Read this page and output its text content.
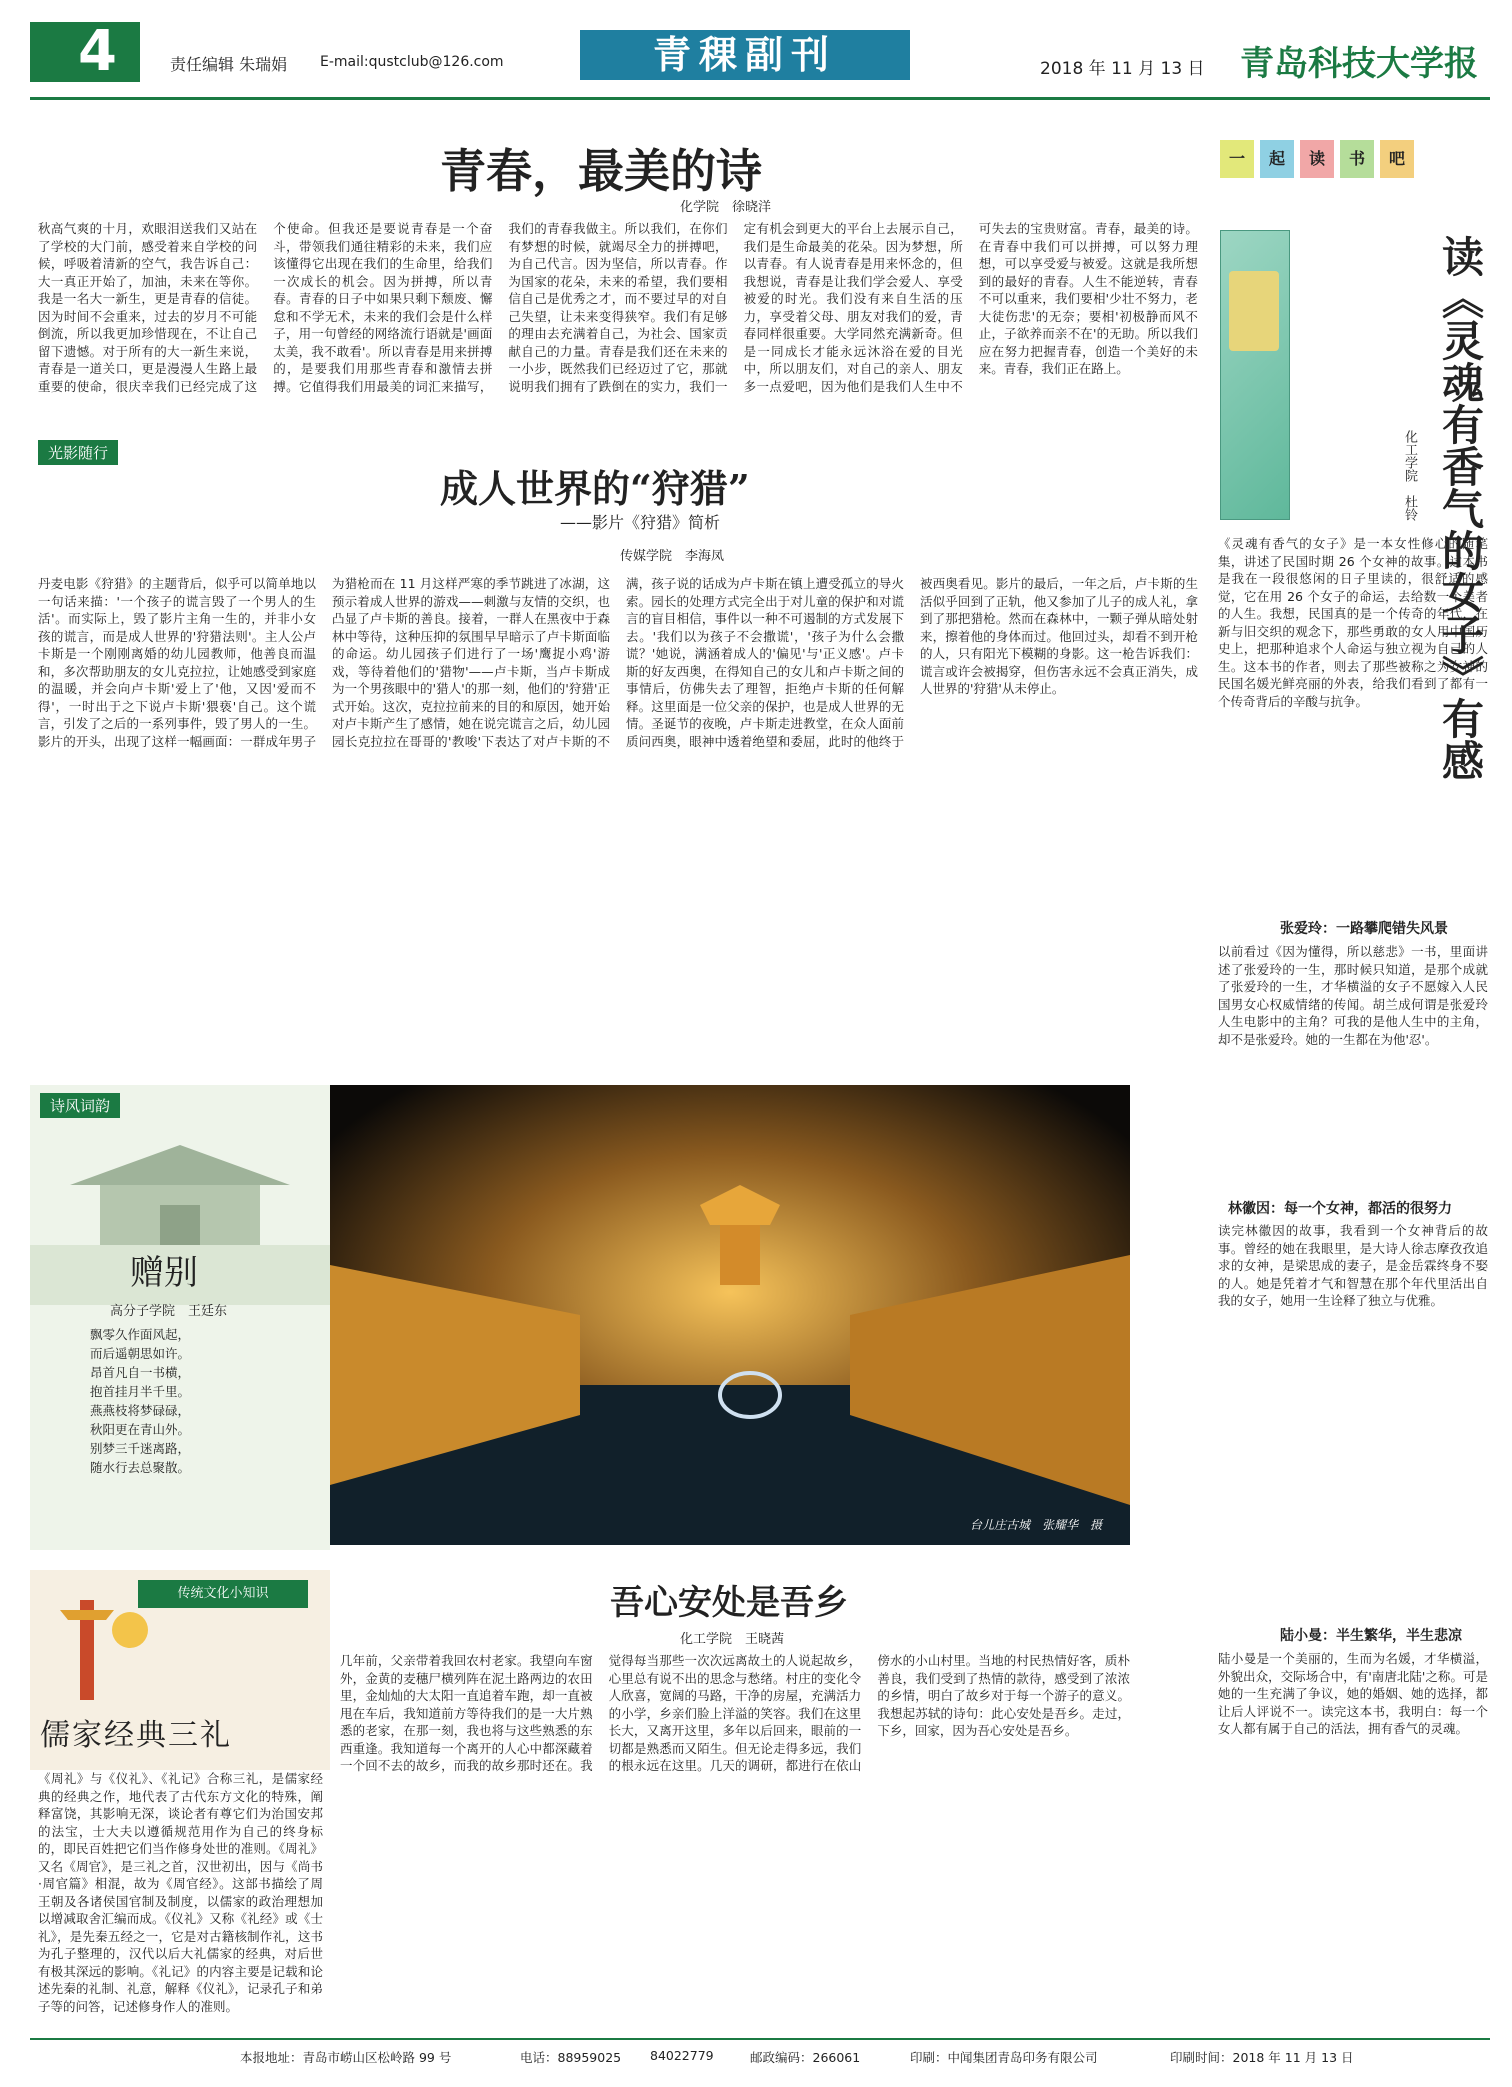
4	责任编辑 朱瑞娟 E-mail:qustclub@126.com	青稞副刊	2018 年 11 月 13 日 青岛科技大学报
青春，最美的诗
化学院　徐晓洋
秋高气爽的十月，欢眼泪送我们又站在了学校的大门前，感受着来自学校的问候，呼吸着清新的空气，我告诉自己：大一真正开始了，加油，未来在等你。我是一名大一新生，更是青春的信徒。因为时间不会重来，过去的岁月不可能倒流，所以我更加珍惜现在，不让自己留下遗憾。对于所有的大一新生来说，青春是一道关口，更是漫漫人生路上最重要的使命，很庆幸我们已经完成了这个使命。但我还是要说青春是一个奋斗，带领我们通往精彩的未来，我们应该懂得它出现在我们的生命里，给我们一次成长的机会。因为拼搏，所以青春。青春的日子中如果只剩下颓废、懈怠和不学无术，未来的我们会是什么样子，用一句曾经的网络流行语就是'画面太美，我不敢看'。所以青春是用来拼搏的，是要我们用那些青春和激情去拼搏。它值得我们用最美的词汇来描写，我们的青春我做主。所以我们，在你们有梦想的时候，就竭尽全力的拼搏吧，为自己代言。因为坚信，所以青春。作为国家的花朵，未来的希望，我们要相信自己是优秀之才，而不要过早的对自己失望，让未来变得狭窄。我们有足够的理由去充满着自己，为社会、国家贡献自己的力量。青春是我们还在未来的一小步，既然我们已经迈过了它，那就说明我们拥有了跌倒在的实力，我们一定有机会到更大的平台上去展示自己，我们是生命最美的花朵。因为梦想，所以青春。有人说青春是用来怀念的，但我想说，青春是让我们学会爱人、享受被爱的时光。我们没有来自生活的压力，享受着父母、朋友对我们的爱，青春同样很重要。大学同然充满新奇。但是一同成长才能永远沐浴在爱的目光中，所以朋友们，对自己的亲人、朋友多一点爱吧，因为他们是我们人生中不可失去的宝贵财富。青春，最美的诗。在青春中我们可以拼搏，可以努力理想，可以享受爱与被爱。这就是我所想到的最好的青春。人生不能逆转，青春不可以重来，我们要相'少壮不努力，老大徒伤悲'的无奈；要相'初极静而风不止，子欲养而亲不在'的无助。所以我们应在努力把握青春，创造一个美好的未来。青春，我们正在路上。
光影随行
成人世界的“狩猎”
——影片《狩猎》简析
传媒学院　李海凤
丹麦电影《狩猎》的主题背后，似乎可以简单地以一句话来描：'一个孩子的谎言毁了一个男人的生活'。而实际上，毁了影片主角一生的，并非小女孩的谎言，而是成人世界的'狩猎法则'。主人公卢卡斯是一个刚刚离婚的幼儿园教师，他善良而温和，多次帮助朋友的女儿克拉拉，让她感受到家庭的温暖，并会向卢卡斯'爱上了'他，又因'爱而不得'，一时出于之下说卢卡斯'猥亵'自己。这个谎言，引发了之后的一系列事件，毁了男人的一生。影片的开头，出现了这样一幅画面：一群成年男子为猎枪而在 11 月这样严寒的季节跳进了冰湖，这预示着成人世界的游戏——刺激与友情的交织，也凸显了卢卡斯的善良。接着，一群人在黑夜中于森林中等待，这种压抑的氛围早早暗示了卢卡斯面临的命运。幼儿园孩子们进行了一场'鹰捉小鸡'游戏，等待着他们的'猎物'——卢卡斯，当卢卡斯成为一个男孩眼中的'猎人'的那一刻，他们的'狩猎'正式开始。这次，克拉拉前来的目的和原因，她开始对卢卡斯产生了感情，她在说完谎言之后，幼儿园园长克拉拉在哥哥的'教唆'下表达了对卢卡斯的不满，孩子说的话成为卢卡斯在镇上遭受孤立的导火索。园长的处理方式完全出于对儿童的保护和对谎言的盲目相信，事件以一种不可遏制的方式发展下去。'我们以为孩子不会撒谎'，'孩子为什么会撒谎？'她说，满涵着成人的'偏见'与'正义感'。卢卡斯的好友西奥，在得知自己的女儿和卢卡斯之间的事情后，仿佛失去了理智，拒绝卢卡斯的任何解释。这里面是一位父亲的保护，也是成人世界的无情。圣诞节的夜晚，卢卡斯走进教堂，在众人面前质问西奥，眼神中透着绝望和委屈，此时的他终于被西奥看见。影片的最后，一年之后，卢卡斯的生活似乎回到了正轨，他又参加了儿子的成人礼，拿到了那把猎枪。然而在森林中，一颗子弹从暗处射来，擦着他的身体而过。他回过头，却看不到开枪的人，只有阳光下模糊的身影。这一枪告诉我们：谎言或许会被揭穿，但伤害永远不会真正消失，成人世界的'狩猎'从未停止。
诗风词韵
赠别
高分子学院　王廷东
飘零久作面风起，
而后遥朝思如许。
昂首凡自一书横，
抱首挂月半千里。
燕燕枝将梦碌碌，
秋阳更在青山外。
别梦三千迷离路，
随水行去总聚散。
台儿庄古城　张耀华　摄
传统文化小知识
儒家经典三礼
《周礼》与《仪礼》、《礼记》合称三礼，是儒家经典的经典之作，地代表了古代东方文化的特殊，阐释富饶，其影响无深，谈论者有尊它们为治国安邦的法宝，士大夫以遵循规范用作为自己的终身标的，即民百姓把它们当作修身处世的准则。《周礼》又名《周官》，是三礼之首，汉世初出，因与《尚书·周官篇》相混，故为《周官经》。这部书描绘了周王朝及各诸侯国官制及制度，以儒家的政治理想加以增减取舍汇编而成。《仪礼》又称《礼经》或《士礼》，是先秦五经之一，它是对古籍核制作礼，这书为孔子整理的，汉代以后大礼儒家的经典，对后世有极其深远的影响。《礼记》的内容主要是记载和论述先秦的礼制、礼意，解释《仪礼》，记录孔子和弟子等的问答，记述修身作人的准则。
吾心安处是吾乡
化工学院　王晓茜
几年前，父亲带着我回农村老家。我望向车窗外，金黄的麦穗尸横列阵在泥土路两边的农田里，金灿灿的大太阳一直追着车跑，却一直被甩在车后，我知道前方等待我们的是一大片熟悉的老家，在那一刻，我也将与这些熟悉的东西重逢。我知道每一个离开的人心中都深藏着一个回不去的故乡，而我的故乡那时还在。我觉得每当那些一次次远离故土的人说起故乡，心里总有说不出的思念与愁绪。村庄的变化令人欣喜，宽阔的马路，干净的房屋，充满活力的小学，乡亲们脸上洋溢的笑容。我们在这里长大，又离开这里，多年以后回来，眼前的一切都是熟悉而又陌生。但无论走得多远，我们的根永远在这里。几天的调研，都进行在依山傍水的小山村里。当地的村民热情好客，质朴善良，我们受到了热情的款待，感受到了浓浓的乡情，明白了故乡对于每一个游子的意义。我想起苏轼的诗句：此心安处是吾乡。走过，下乡，回家，因为吾心安处是吾乡。
一	起	读	书	吧
读《灵魂有香气的女子》有感
化工学院　杜铃
《灵魂有香气的女子》是一本女性修心的随笔集，讲述了民国时期 26 个女神的故事。这本书是我在一段很悠闲的日子里读的，很舒适的感觉，它在用 26 个女子的命运，去给数一个美者的人生。我想，民国真的是一个传奇的年代，在新与旧交织的观念下，那些勇敢的女人用中国历史上，把那种追求个人命运与独立视为自己的人生。这本书的作者，则去了那些被称之为女神的民国名媛光鲜亮丽的外表，给我们看到了都有一个传奇背后的辛酸与抗争。
张爱玲：一路攀爬错失风景
以前看过《因为懂得，所以慈悲》一书，里面讲述了张爱玲的一生，那时候只知道，是那个成就了张爱玲的一生，才华横溢的女子不愿嫁入人民国男女心权威情绪的传闻。胡兰成何谓是张爱玲人生电影中的主角？可我的是他人生中的主角，却不是张爱玲。她的一生都在为他'忍'。
林徽因：每一个女神，都活的很努力
读完林徽因的故事，我看到一个女神背后的故事。曾经的她在我眼里，是大诗人徐志摩孜孜追求的女神，是梁思成的妻子，是金岳霖终身不娶的人。她是凭着才气和智慧在那个年代里活出自我的女子，她用一生诠释了独立与优雅。
陆小曼：半生繁华，半生悲凉
陆小曼是一个美丽的，生而为名媛，才华横溢，外貌出众，交际场合中，有'南唐北陆'之称。可是她的一生充满了争议，她的婚姻、她的选择，都让后人评说不一。读完这本书，我明白：每一个女人都有属于自己的活法，拥有香气的灵魂。
本报地址：青岛市崂山区松岭路 99 号	电话：88959025 84022779	邮政编码：266061	印刷：中闻集团青岛印务有限公司	印刷时间：2018 年 11 月 13 日
